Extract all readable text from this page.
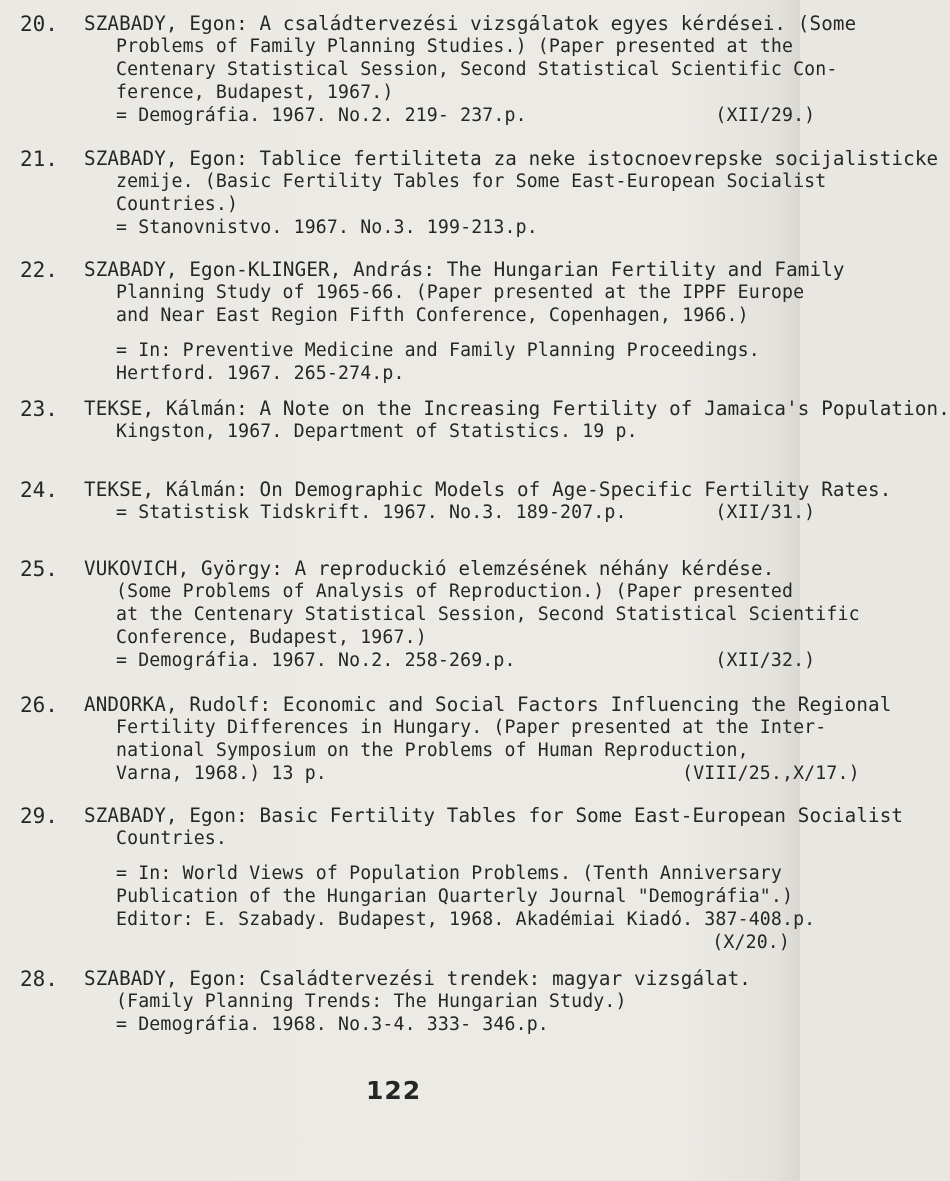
20. SZABADY, Egon: A családtervezési vizsgálatok egyes kérdései. (Some
Problems of Family Planning Studies.) (Paper presented at the
Centenary Statistical Session, Second Statistical Scientific Con-
ference, Budapest, 1967.)
= Demográfia. 1967. No.2. 219- 237.p.                 (XII/29.)
21. SZABADY, Egon: Tablice fertiliteta za neke istocnoevrepske socijalisticke
zemije. (Basic Fertility Tables for Some East-European Socialist
Countries.)
= Stanovnistvo. 1967. No.3. 199-213.p.
22. SZABADY, Egon-KLINGER, András: The Hungarian Fertility and Family
Planning Study of 1965-66. (Paper presented at the IPPF Europe
and Near East Region Fifth Conference, Copenhagen, 1966.)
= In: Preventive Medicine and Family Planning Proceedings.
Hertford. 1967. 265-274.p.
23. TEKSE, Kálmán: A Note on the Increasing Fertility of Jamaica's Population.
Kingston, 1967. Department of Statistics. 19 p.
24. TEKSE, Kálmán: On Demographic Models of Age-Specific Fertility Rates.
= Statistisk Tidskrift. 1967. No.3. 189-207.p.        (XII/31.)
25. VUKOVICH, György: A reproduckió elemzésének néhány kérdése.
(Some Problems of Analysis of Reproduction.) (Paper presented
at the Centenary Statistical Session, Second Statistical Scientific
Conference, Budapest, 1967.)
= Demográfia. 1967. No.2. 258-269.p.                  (XII/32.)
26. ANDORKA, Rudolf: Economic and Social Factors Influencing the Regional
Fertility Differences in Hungary. (Paper presented at the Inter-
national Symposium on the Problems of Human Reproduction,
Varna, 1968.) 13 p.                                (VIII/25.,X/17.)
29. SZABADY, Egon: Basic Fertility Tables for Some East-European Socialist
Countries.
= In: World Views of Population Problems. (Tenth Anniversary
Publication of the Hungarian Quarterly Journal "Demográfia".)
Editor: E. Szabady. Budapest, 1968. Akadémiai Kiadó. 387-408.p.
(X/20.)
28. SZABADY, Egon: Családtervezési trendek: magyar vizsgálat.
(Family Planning Trends: The Hungarian Study.)
= Demográfia. 1968. No.3-4. 333- 346.p.
122
